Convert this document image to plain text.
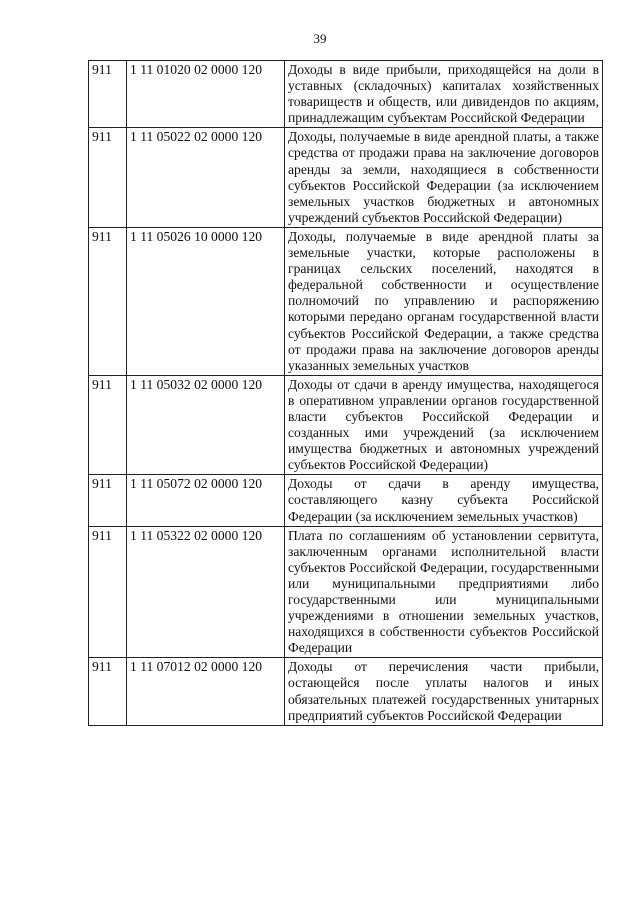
39
911	1 11 01020 02 0000 120	Доходы в виде прибыли, приходящейся на доли в уставных (складочных) капиталах хозяйственных товариществ и обществ, или дивидендов по акциям, принадлежащим субъектам Российской Федерации
911	1 11 05022 02 0000 120	Доходы, получаемые в виде арендной платы, а также средства от продажи права на заключение договоров аренды за земли, находящиеся в собственности субъектов Российской Федерации (за исключением земельных участков бюджетных и автономных учреждений субъектов Российской Федерации)
911	1 11 05026 10 0000 120	Доходы, получаемые в виде арендной платы за земельные участки, которые расположены в границах сельских поселений, находятся в федеральной собственности и осуществление полномочий по управлению и распоряжению которыми передано органам государственной власти субъектов Российской Федерации, а также средства от продажи права на заключение договоров аренды указанных земельных участков
911	1 11 05032 02 0000 120	Доходы от сдачи в аренду имущества, находящегося в оперативном управлении органов государственной власти субъектов Российской Федерации и созданных ими учреждений (за исключением имущества бюджетных и автономных учреждений субъектов Российской Федерации)
911	1 11 05072 02 0000 120	Доходы от сдачи в аренду имущества, составляющего казну субъекта Российской Федерации (за исключением земельных участков)
911	1 11 05322 02 0000 120	Плата по соглашениям об установлении сервитута, заключенным органами исполнительной власти субъектов Российской Федерации, государственными или муниципальными предприятиями либо государственными или муниципальными учреждениями в отношении земельных участков, находящихся в собственности субъектов Российской Федерации
911	1 11 07012 02 0000 120	Доходы от перечисления части прибыли, остающейся после уплаты налогов и иных обязательных платежей государственных унитарных предприятий субъектов Российской Федерации
